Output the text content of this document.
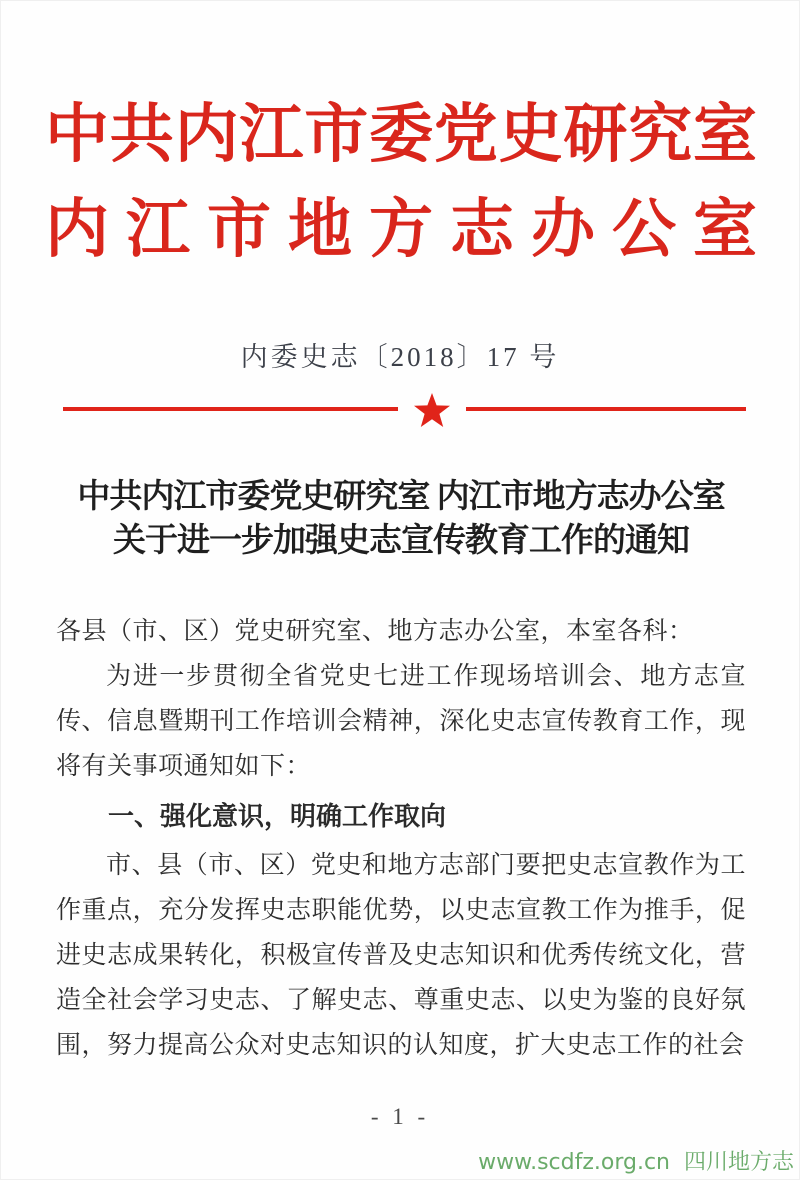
中 共 内 江 市 委 党 史 研 究 室
内 江 市 地 方 志 办 公 室
内委史志〔2018〕17 号
中共内江市委党史研究室 内江市地方志办公室
关于进一步加强史志宣传教育工作的通知

各县（市、区）党史研究室、地方志办公室，本室各科：

为进一步贯彻全省党史七进工作现场培训会、地方志宣传、信息暨期刊工作培训会精神，深化史志宣传教育工作，现将有关事项通知如下：

一、强化意识，明确工作取向

市、县（市、区）党史和地方志部门要把史志宣教作为工作重点，充分发挥史志职能优势，以史志宣教工作为推手，促进史志成果转化，积极宣传普及史志知识和优秀传统文化，营造全社会学习史志、了解史志、尊重史志、以史为鉴的良好氛围，努力提高公众对史志知识的认知度，扩大史志工作的社会

- 1 -
www.scdfz.org.cn  四川地方志
